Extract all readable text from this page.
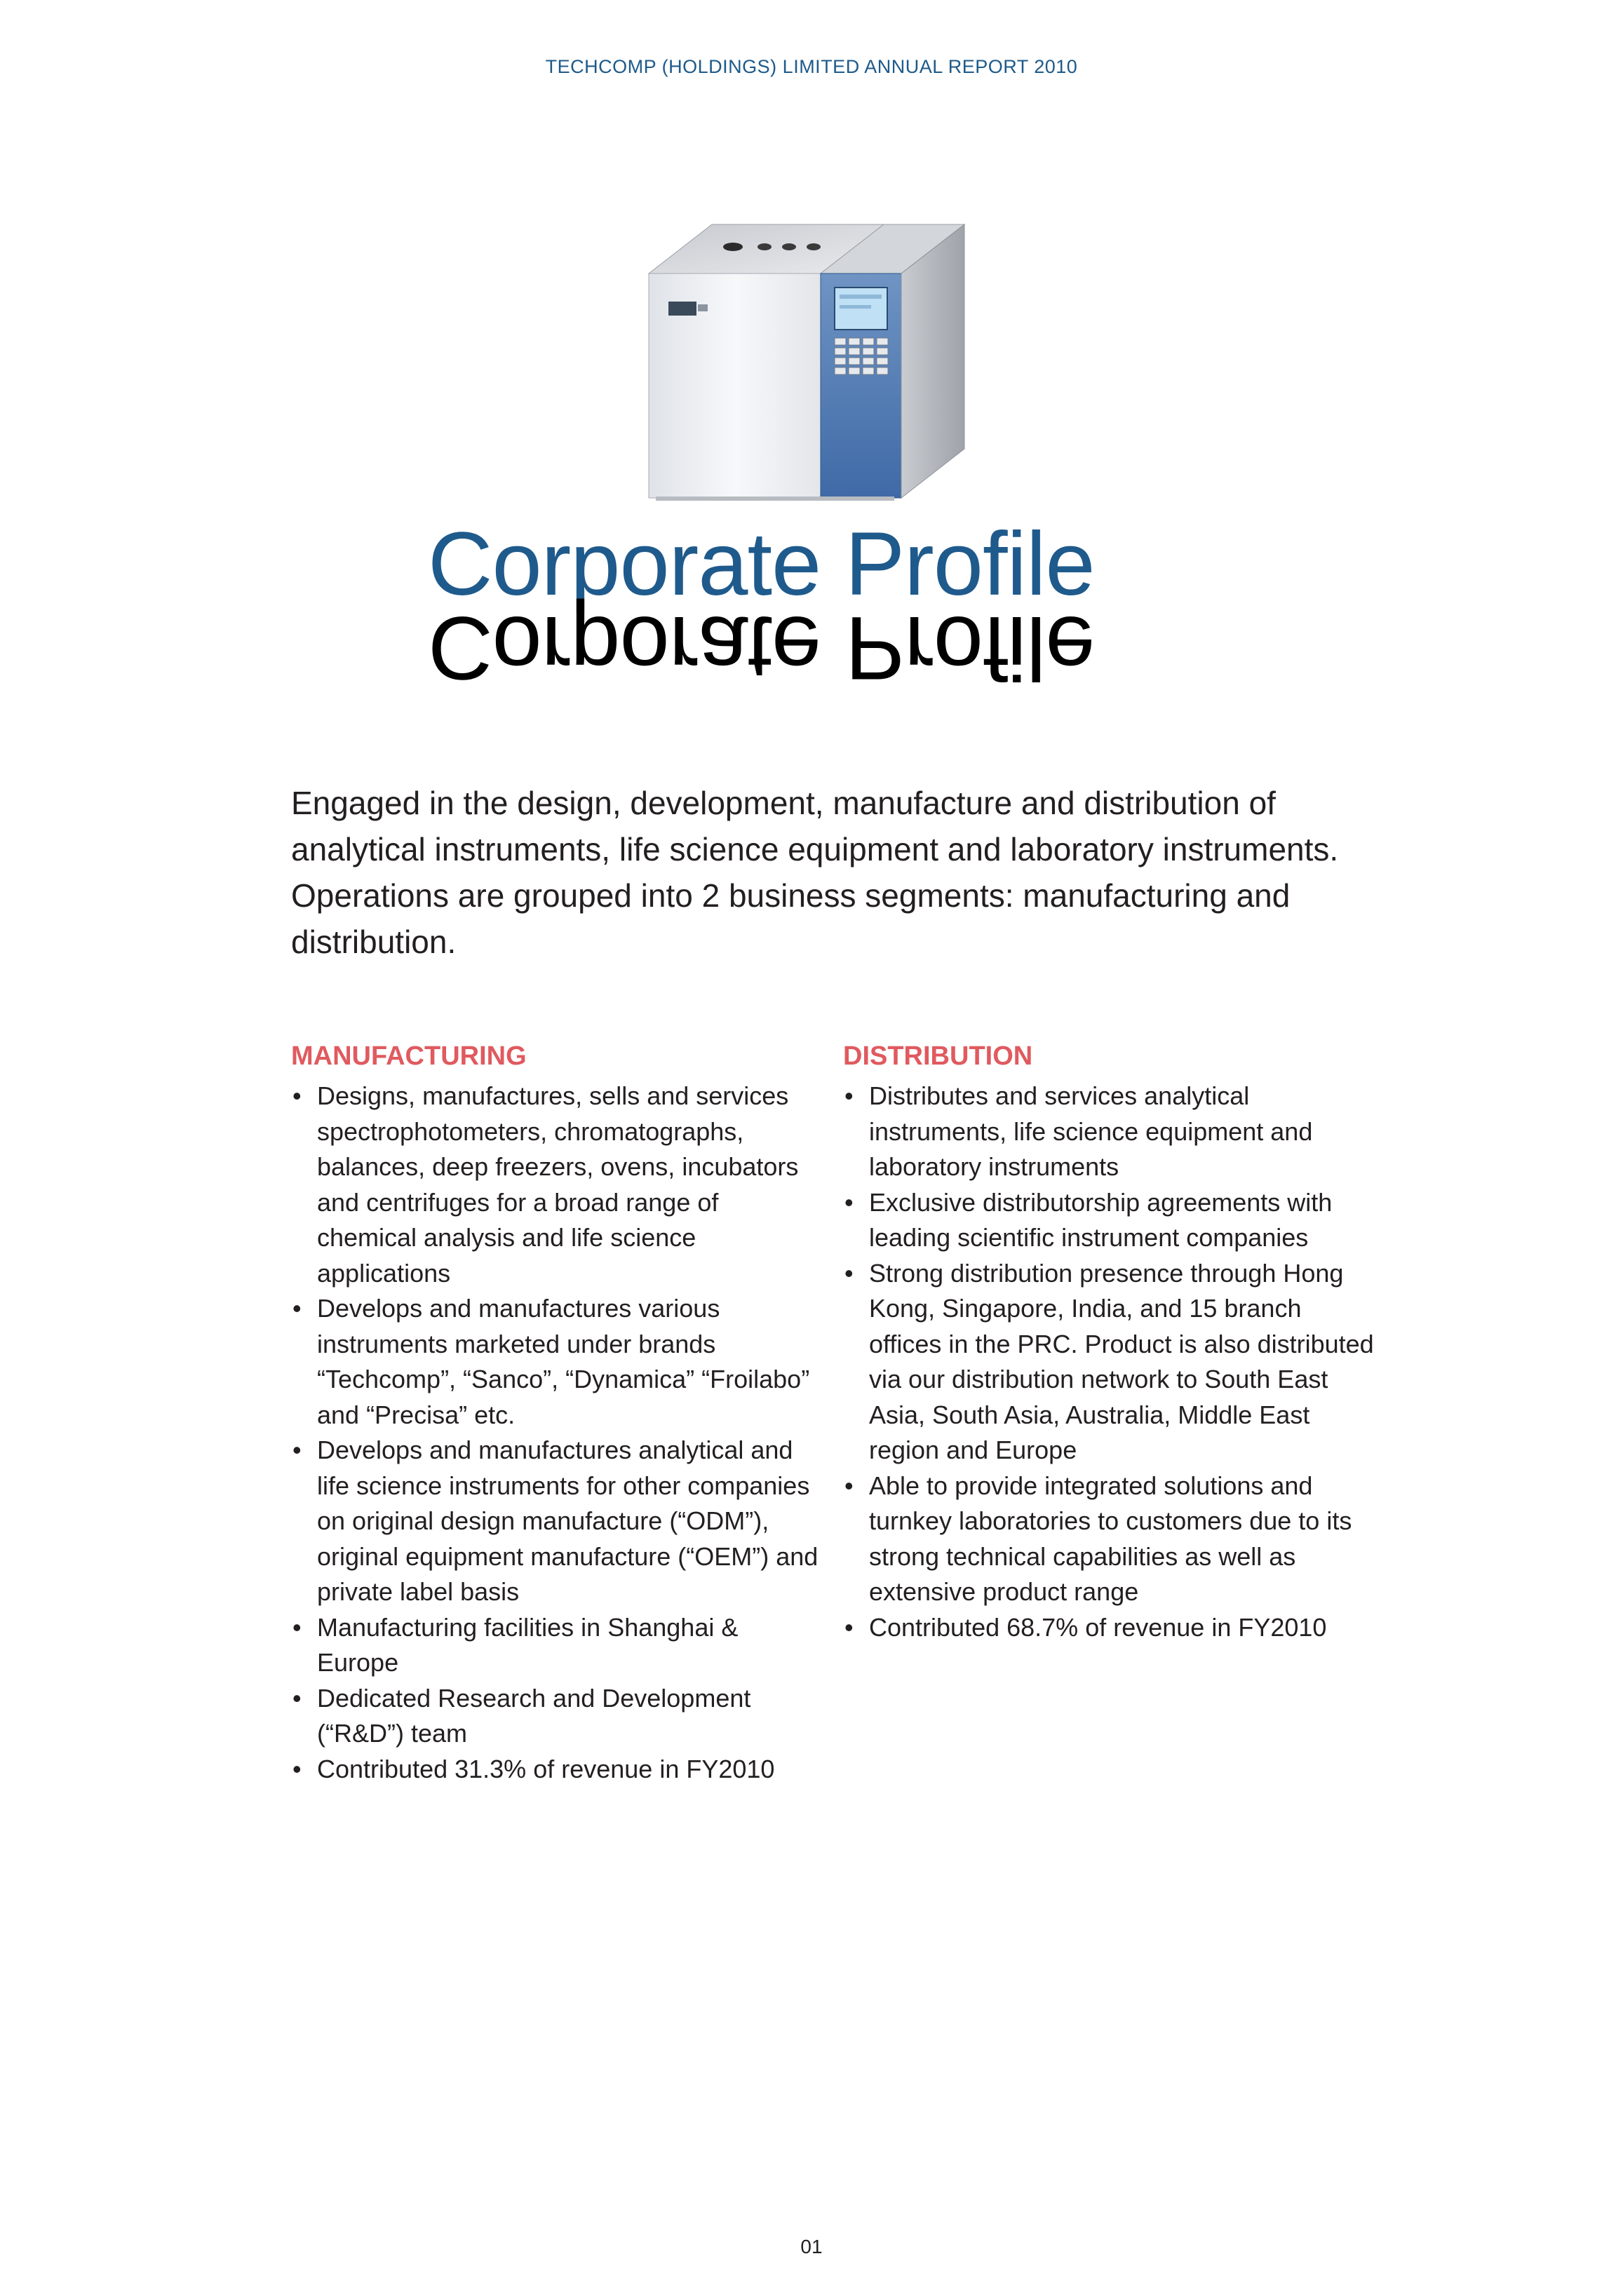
TECHCOMP (HOLDINGS) LIMITED ANNUAL REPORT 2010
Corporate Profile
Corporate Profile
Engaged in the design, development, manufacture and distribution of analytical instruments, life science equipment and laboratory instruments. Operations are grouped into 2 business segments: manufacturing and distribution.
MANUFACTURING
• Designs, manufactures, sells and services spectrophotometers, chromatographs, balances, deep freezers, ovens, incubators and centrifuges for a broad range of chemical analysis and life science applications
• Develops and manufactures various instruments marketed under brands “Techcomp”, “Sanco”, “Dynamica” “Froilabo” and “Precisa” etc.
• Develops and manufactures analytical and life science instruments for other companies on original design manufacture (“ODM”), original equipment manufacture (“OEM”) and private label basis
• Manufacturing facilities in Shanghai & Europe
• Dedicated Research and Development (“R&D”) team
• Contributed 31.3% of revenue in FY2010
DISTRIBUTION
• Distributes and services analytical instruments, life science equipment and laboratory instruments
• Exclusive distributorship agreements with leading scientific instrument companies
• Strong distribution presence through Hong Kong, Singapore, India, and 15 branch offices in the PRC. Product is also distributed via our distribution network to South East Asia, South Asia, Australia, Middle East region and Europe
• Able to provide integrated solutions and turnkey laboratories to customers due to its strong technical capabilities as well as extensive product range
• Contributed 68.7% of revenue in FY2010
01
